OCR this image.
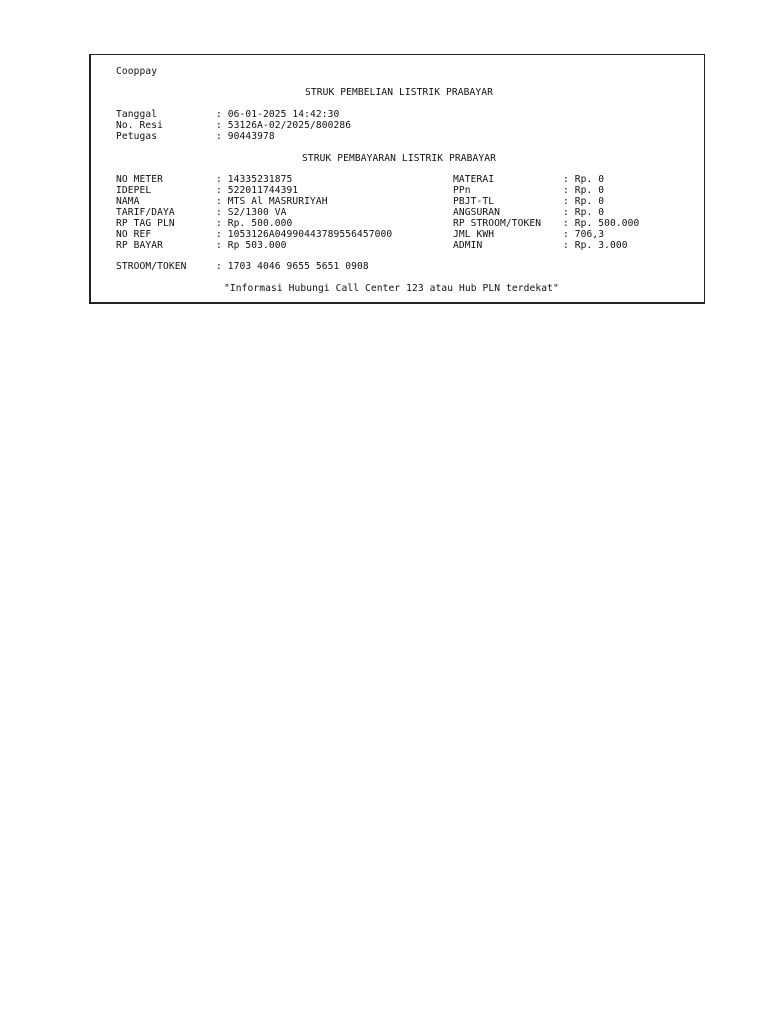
Cooppay
STRUK PEMBELIAN LISTRIK PRABAYAR
Tanggal	: 06-01-2025 14:42:30
No. Resi	: 53126A-02/2025/800286
Petugas	: 90443978
STRUK PEMBAYARAN LISTRIK PRABAYAR
NO METER	: 14335231875
IDEPEL	: 522011744391
NAMA	: MTS Al MASRURIYAH
TARIF/DAYA	: S2/1300 VA
RP TAG PLN	: Rp. 500.000
NO REF	: 1053126A04990443789556457000
RP BAYAR	: Rp 503.000
MATERAI	: Rp. 0
PPn	: Rp. 0
PBJT-TL	: Rp. 0
ANGSURAN	: Rp. 0
RP STROOM/TOKEN : Rp. 500.000
JML KWH	: 706,3
ADMIN	: Rp. 3.000
STROOM/TOKEN	: 1703 4046 9655 5651 0908
"Informasi Hubungi Call Center 123 atau Hub PLN terdekat"
